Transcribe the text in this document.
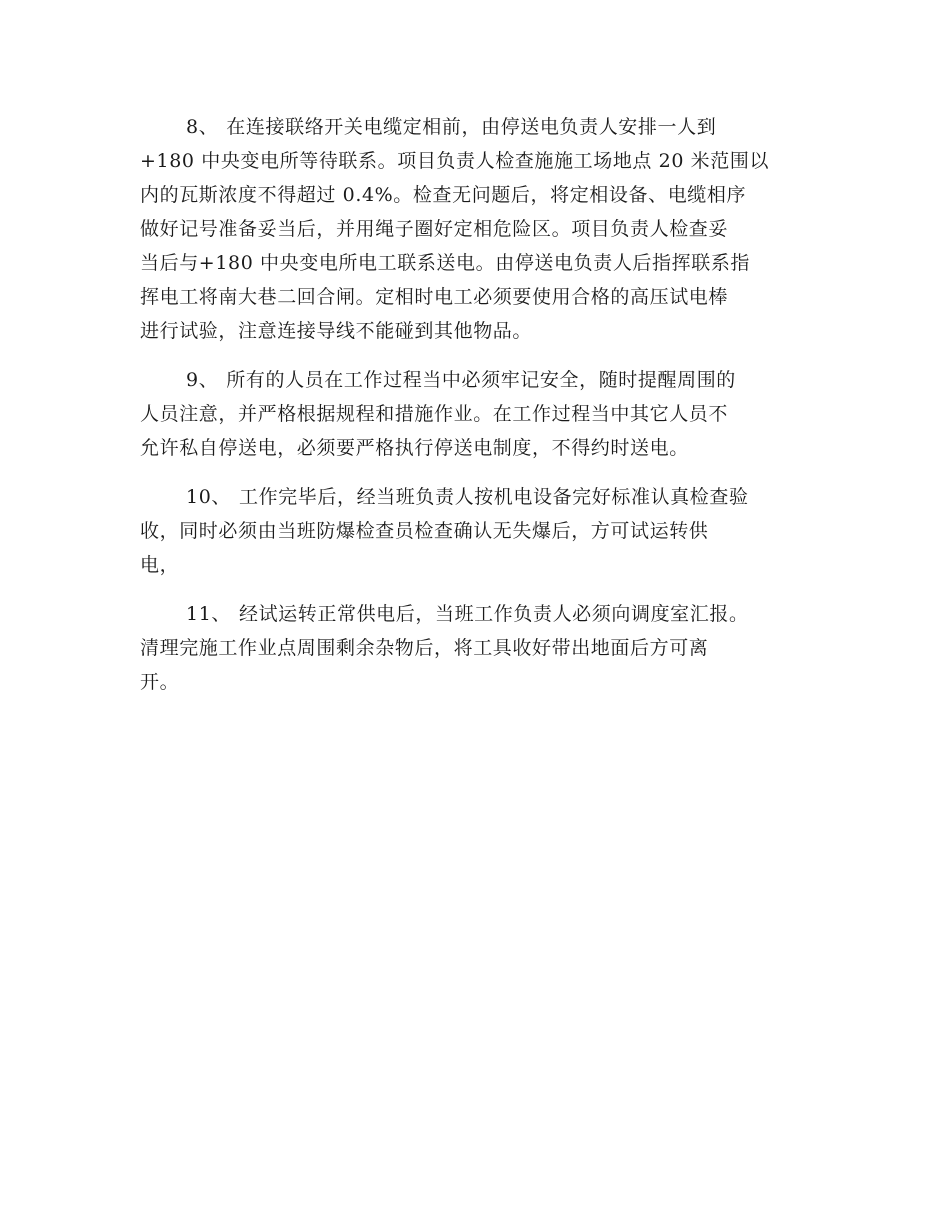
8、 在连接联络开关电缆定相前，由停送电负责人安排一人到
+180 中央变电所等待联系。项目负责人检查施施工场地点 20 米范围以
内的瓦斯浓度不得超过 0.4%。检查无问题后，将定相设备、电缆相序
做好记号准备妥当后，并用绳子圈好定相危险区。项目负责人检查妥
当后与+180 中央变电所电工联系送电。由停送电负责人后指挥联系指
挥电工将南大巷二回合闸。定相时电工必须要使用合格的高压试电棒
进行试验，注意连接导线不能碰到其他物品。

9、 所有的人员在工作过程当中必须牢记安全，随时提醒周围的
人员注意，并严格根据规程和措施作业。在工作过程当中其它人员不
允许私自停送电，必须要严格执行停送电制度，不得约时送电。

10、 工作完毕后，经当班负责人按机电设备完好标准认真检查验
收，同时必须由当班防爆检查员检查确认无失爆后，方可试运转供
电，

11、 经试运转正常供电后，当班工作负责人必须向调度室汇报。
清理完施工作业点周围剩余杂物后，将工具收好带出地面后方可离
开。
